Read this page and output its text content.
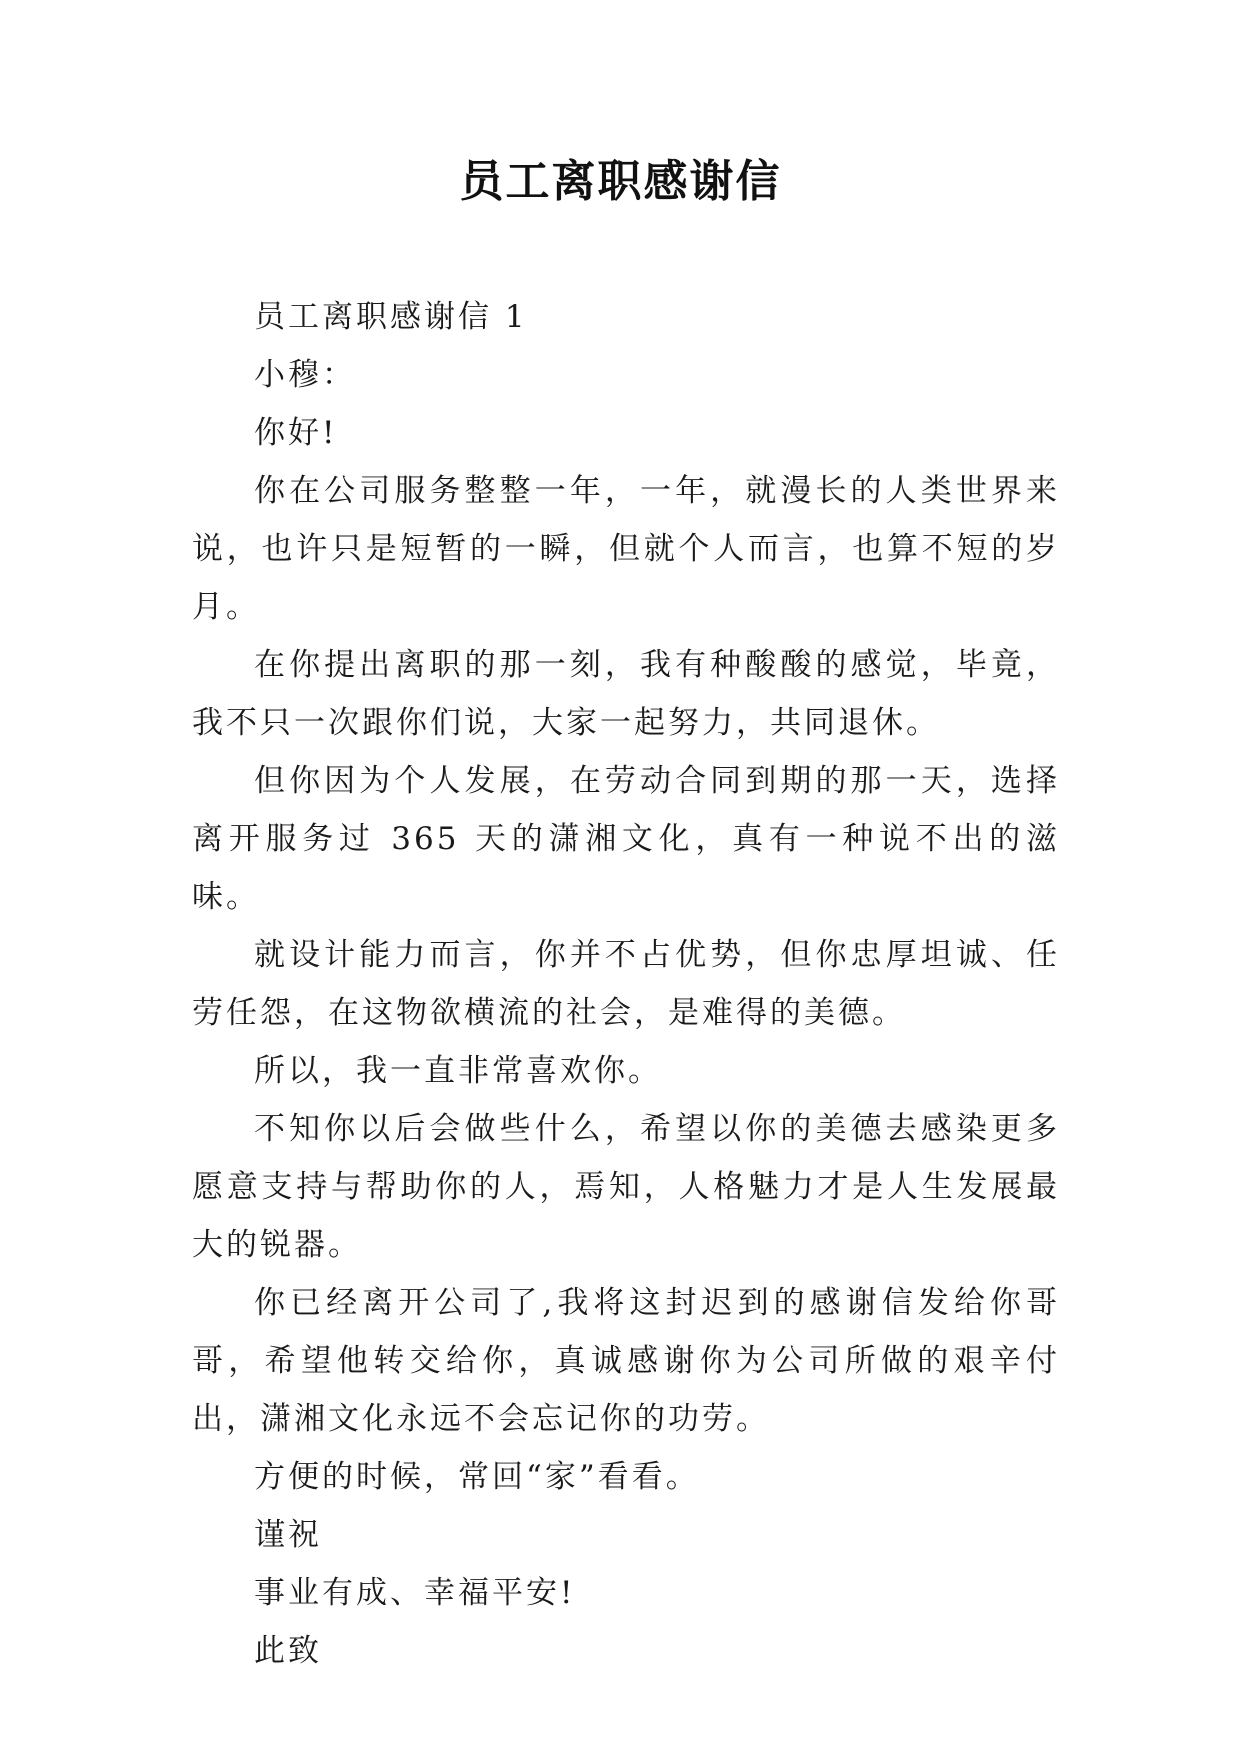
员工离职感谢信

员工离职感谢信 1

小穆：

你好!

你在公司服务整整一年，一年，就漫长的人类世界来说，也许只是短暂的一瞬，但就个人而言，也算不短的岁月。

在你提出离职的那一刻，我有种酸酸的感觉，毕竟，我不只一次跟你们说，大家一起努力，共同退休。

但你因为个人发展，在劳动合同到期的那一天，选择离开服务过 365 天的潇湘文化，真有一种说不出的滋味。

就设计能力而言，你并不占优势，但你忠厚坦诚、任劳任怨，在这物欲横流的社会，是难得的美德。

所以，我一直非常喜欢你。

不知你以后会做些什么，希望以你的美德去感染更多愿意支持与帮助你的人，焉知，人格魅力才是人生发展最大的锐器。

你已经离开公司了,我将这封迟到的感谢信发给你哥哥，希望他转交给你，真诚感谢你为公司所做的艰辛付出，潇湘文化永远不会忘记你的功劳。

方便的时候，常回“家”看看。

谨祝

事业有成、幸福平安!

此致
